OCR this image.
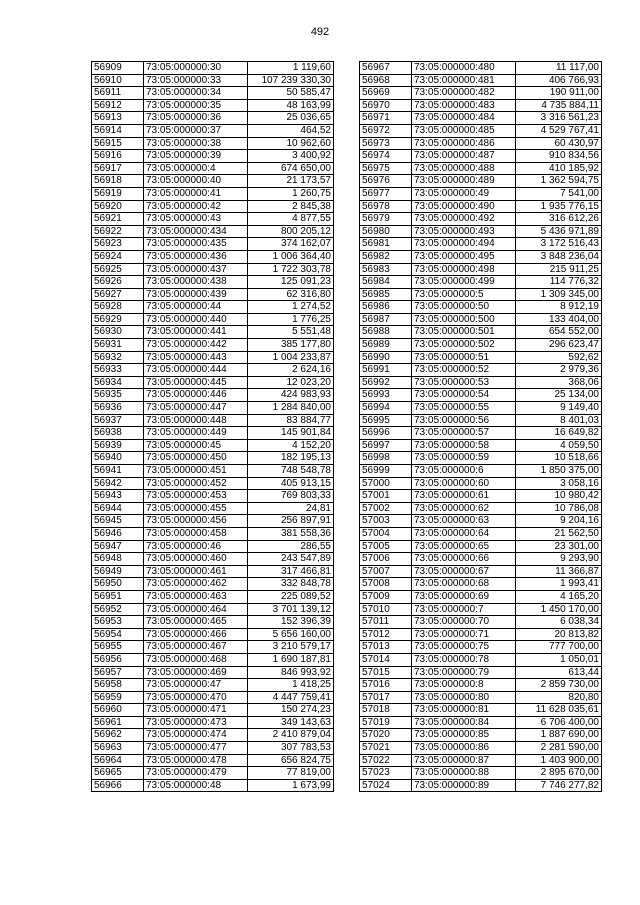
492
56909	73:05:000000:30	1 119,60
56910	73:05:000000:33	107 239 330,30
56911	73:05:000000:34	50 585,47
56912	73:05:000000:35	48 163,99
56913	73:05:000000:36	25 036,65
56914	73:05:000000:37	464,52
56915	73:05:000000:38	10 962,60
56916	73:05:000000:39	3 400,92
56917	73:05:000000:4	674 650,00
56918	73:05:000000:40	21 173,57
56919	73:05:000000:41	1 260,75
56920	73:05:000000:42	2 845,38
56921	73:05:000000:43	4 877,55
56922	73:05:000000:434	800 205,12
56923	73:05:000000:435	374 162,07
56924	73:05:000000:436	1 006 364,40
56925	73:05:000000:437	1 722 303,78
56926	73:05:000000:438	125 091,23
56927	73:05:000000:439	62 316,80
56928	73:05:000000:44	1 274,52
56929	73:05:000000:440	1 776,25
56930	73:05:000000:441	5 551,48
56931	73:05:000000:442	385 177,80
56932	73:05:000000:443	1 004 233,87
56933	73:05:000000:444	2 624,16
56934	73:05:000000:445	12 023,20
56935	73:05:000000:446	424 983,93
56936	73:05:000000:447	1 284 840,00
56937	73:05:000000:448	83 884,77
56938	73:05:000000:449	145 901,84
56939	73:05:000000:45	4 152,20
56940	73:05:000000:450	182 195,13
56941	73:05:000000:451	748 548,78
56942	73:05:000000:452	405 913,15
56943	73:05:000000:453	769 803,33
56944	73:05:000000:455	24,81
56945	73:05:000000:456	256 897,91
56946	73:05:000000:458	381 558,36
56947	73:05:000000:46	286,55
56948	73:05:000000:460	243 547,89
56949	73:05:000000:461	317 466,81
56950	73:05:000000:462	332 848,78
56951	73:05:000000:463	225 089,52
56952	73:05:000000:464	3 701 139,12
56953	73:05:000000:465	152 396,39
56954	73:05:000000:466	5 656 160,00
56955	73:05:000000:467	3 210 579,17
56956	73:05:000000:468	1 690 187,81
56957	73:05:000000:469	846 993,92
56958	73:05:000000:47	1 418,25
56959	73:05:000000:470	4 447 759,41
56960	73:05:000000:471	150 274,23
56961	73:05:000000:473	349 143,63
56962	73:05:000000:474	2 410 879,04
56963	73:05:000000:477	307 783,53
56964	73:05:000000:478	656 824,75
56965	73:05:000000:479	77 819,00
56966	73:05:000000:48	1 673,99
56967	73:05:000000:480	11 117,00
56968	73:05:000000:481	406 766,93
56969	73:05:000000:482	190 911,00
56970	73:05:000000:483	4 735 884,11
56971	73:05:000000:484	3 316 561,23
56972	73:05:000000:485	4 529 767,41
56973	73:05:000000:486	60 430,97
56974	73:05:000000:487	910 834,56
56975	73:05:000000:488	410 185,92
56976	73:05:000000:489	1 362 594,75
56977	73:05:000000:49	7 541,00
56978	73:05:000000:490	1 935 776,15
56979	73:05:000000:492	316 612,26
56980	73:05:000000:493	5 436 971,89
56981	73:05:000000:494	3 172 516,43
56982	73:05:000000:495	3 848 236,04
56983	73:05:000000:498	215 911,25
56984	73:05:000000:499	114 776,32
56985	73:05:000000:5	1 309 345,00
56986	73:05:000000:50	8 912,19
56987	73:05:000000:500	133 404,00
56988	73:05:000000:501	654 552,00
56989	73:05:000000:502	296 623,47
56990	73:05:000000:51	592,62
56991	73:05:000000:52	2 979,36
56992	73:05:000000:53	368,06
56993	73:05:000000:54	25 134,00
56994	73:05:000000:55	9 149,40
56995	73:05:000000:56	8 401,03
56996	73:05:000000:57	16 649,82
56997	73:05:000000:58	4 059,50
56998	73:05:000000:59	10 518,66
56999	73:05:000000:6	1 850 375,00
57000	73:05:000000:60	3 058,16
57001	73:05:000000:61	10 980,42
57002	73:05:000000:62	10 786,08
57003	73:05:000000:63	9 204,16
57004	73:05:000000:64	21 562,50
57005	73:05:000000:65	23 301,00
57006	73:05:000000:66	9 293,90
57007	73:05:000000:67	11 366,87
57008	73:05:000000:68	1 993,41
57009	73:05:000000:69	4 165,20
57010	73:05:000000:7	1 450 170,00
57011	73:05:000000:70	6 038,34
57012	73:05:000000:71	20 813,82
57013	73:05:000000:75	777 700,00
57014	73:05:000000:78	1 050,01
57015	73:05:000000:79	613,44
57016	73:05:000000:8	2 859 730,00
57017	73:05:000000:80	820,80
57018	73:05:000000:81	11 628 035,61
57019	73:05:000000:84	6 706 400,00
57020	73:05:000000:85	1 887 690,00
57021	73:05:000000:86	2 281 590,00
57022	73:05:000000:87	1 403 900,00
57023	73:05:000000:88	2 895 670,00
57024	73:05:000000:89	7 746 277,82
